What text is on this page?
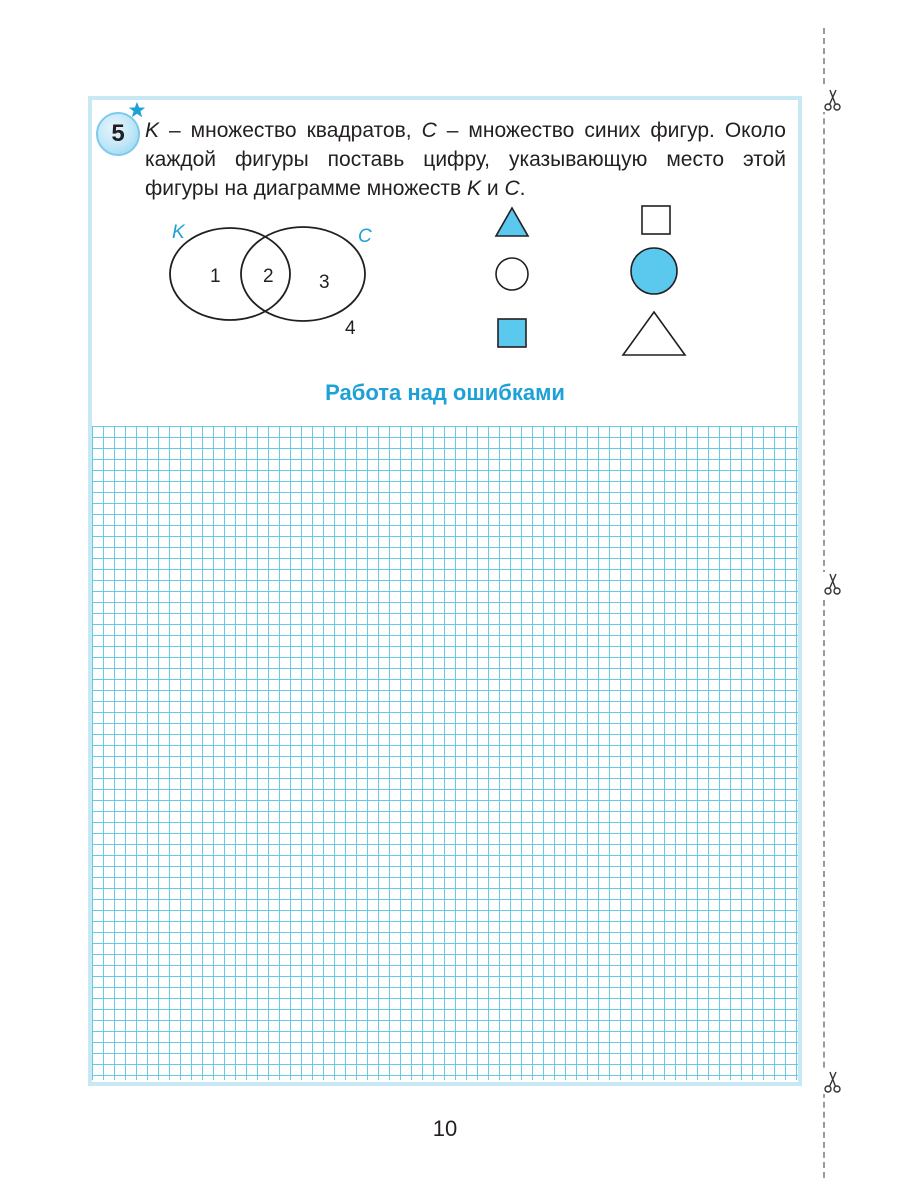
5 K – множество квадратов, C – множество синих фигур. Около каждой фигуры поставь цифру, указывающую место этой фигуры на диаграмме множеств K и C.
K	C
1 2 3
4
Работа над ошибками
10
